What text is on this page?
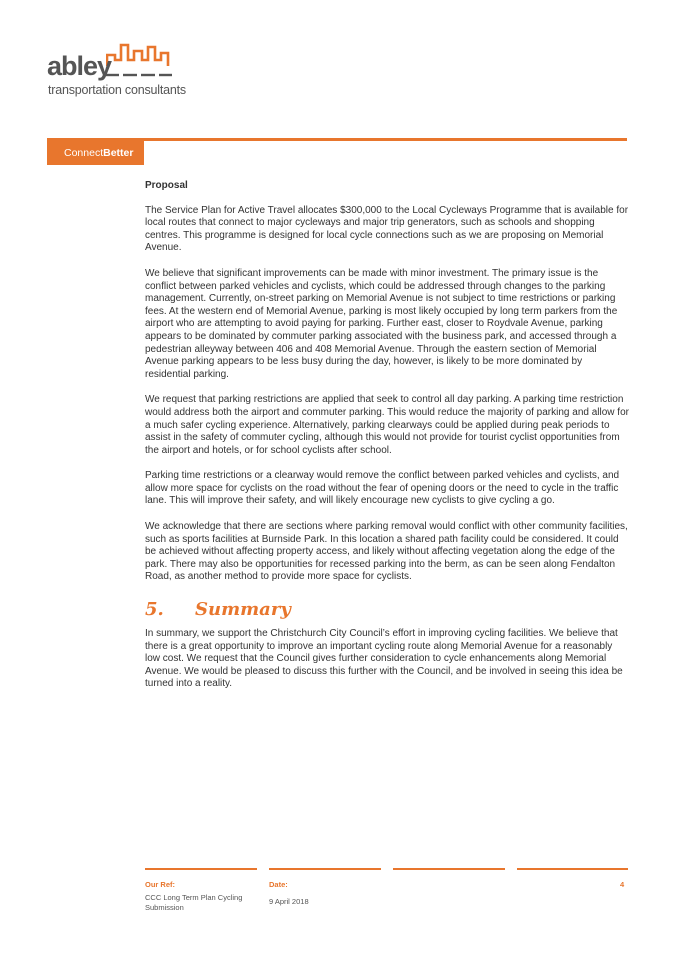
abley
transportation consultants
ConnectBetter
Proposal

The Service Plan for Active Travel allocates $300,000 to the Local Cycleways Programme that is available for local routes that connect to major cycleways and major trip generators, such as schools and shopping centres. This programme is designed for local cycle connections such as we are proposing on Memorial Avenue.

We believe that significant improvements can be made with minor investment. The primary issue is the conflict between parked vehicles and cyclists, which could be addressed through changes to the parking management. Currently, on-street parking on Memorial Avenue is not subject to time restrictions or parking fees. At the western end of Memorial Avenue, parking is most likely occupied by long term parkers from the airport who are attempting to avoid paying for parking. Further east, closer to Roydvale Avenue, parking appears to be dominated by commuter parking associated with the business park, and accessed through a pedestrian alleyway between 406 and 408 Memorial Avenue. Through the eastern section of Memorial Avenue parking appears to be less busy during the day, however, is likely to be more dominated by residential parking.

We request that parking restrictions are applied that seek to control all day parking. A parking time restriction would address both the airport and commuter parking. This would reduce the majority of parking and allow for a much safer cycling experience. Alternatively, parking clearways could be applied during peak periods to assist in the safety of commuter cycling, although this would not provide for tourist cyclist opportunities from the airport and hotels, or for school cyclists after school.

Parking time restrictions or a clearway would remove the conflict between parked vehicles and cyclists, and allow more space for cyclists on the road without the fear of opening doors or the need to cycle in the traffic lane. This will improve their safety, and will likely encourage new cyclists to give cycling a go.

We acknowledge that there are sections where parking removal would conflict with other community facilities, such as sports facilities at Burnside Park. In this location a shared path facility could be considered. It could be achieved without affecting property access, and likely without affecting vegetation along the edge of the park. There may also be opportunities for recessed parking into the berm, as can be seen along Fendalton Road, as another method to provide more space for cyclists.

5.	Summary

In summary, we support the Christchurch City Council’s effort in improving cycling facilities. We believe that there is a great opportunity to improve an important cycling route along Memorial Avenue for a reasonably low cost. We request that the Council gives further consideration to cycle enhancements along Memorial Avenue. We would be pleased to discuss this further with the Council, and be involved in seeing this idea be turned into a reality.

Our Ref:
CCC Long Term Plan Cycling
Submission
Date:
9 April 2018
4
